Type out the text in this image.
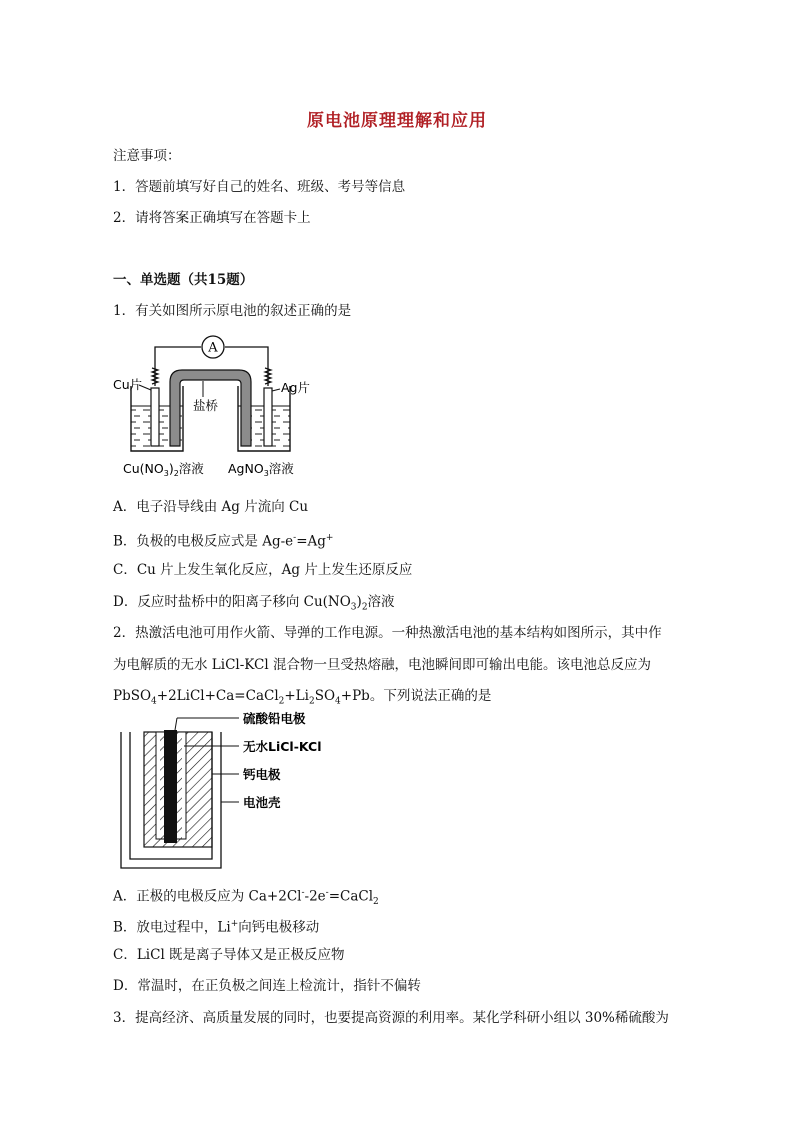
原电池原理理解和应用
注意事项：
1．答题前填写好自己的姓名、班级、考号等信息
2．请将答案正确填写在答题卡上
一、单选题（共15题）
1．有关如图所示原电池的叙述正确的是
A
Cu片	Ag片
盐桥
$Cu(NO_3)_2$溶液 AgNO$_3$溶液
A．电子沿导线由 Ag 片流向 Cu
B．负极的电极反应式是 Ag-e-=Ag+
C．Cu 片上发生氧化反应，Ag 片上发生还原反应
D．反应时盐桥中的阳离子移向 $Cu(NO_3)_2$溶液
2．热激活电池可用作火箭、导弹的工作电源。一种热激活电池的基本结构如图所示，其中作
为电解质的无水 LiCl-KCl 混合物一旦受热熔融，电池瞬间即可输出电能。该电池总反应为
$PbSO_4+2LiCl+Ca=CaCl_2+Li_2SO_4+Pb$。下列说法正确的是
硫酸铅电极
无水LiCl-KCl
钙电极
电池壳
A．正极的电极反应为 Ca+2Cl--2e-=CaCl$_2$
B．放电过程中，Li+向钙电极移动
C．LiCl 既是离子导体又是正极反应物
D．常温时，在正负极之间连上检流计，指针不偏转
3．提高经济、高质量发展的同时，也要提高资源的利用率。某化学科研小组以 30%稀硫酸为
